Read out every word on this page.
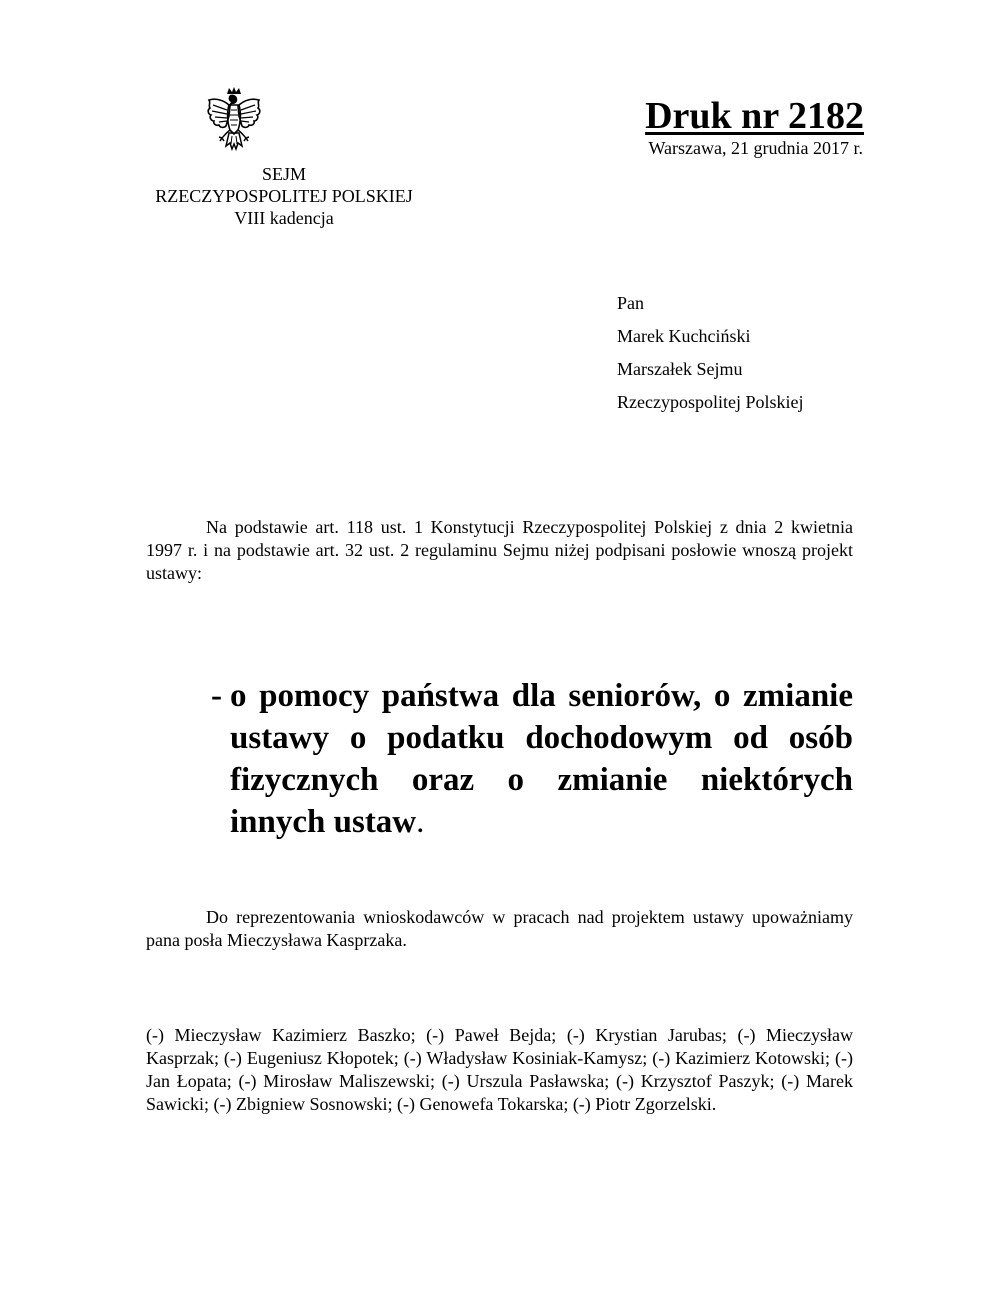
Druk nr 2182
Warszawa, 21 grudnia 2017 r.
SEJM
RZECZYPOSPOLITEJ POLSKIEJ
VIII kadencja
Pan
Marek Kuchciński
Marszałek Sejmu
Rzeczypospolitej Polskiej
Na podstawie art. 118 ust. 1 Konstytucji Rzeczypospolitej Polskiej z dnia 2 kwietnia 1997 r. i na podstawie art. 32 ust. 2 regulaminu Sejmu niżej podpisani posłowie wnoszą projekt ustawy:
- o pomocy państwa dla seniorów, o zmianie ustawy o podatku dochodowym od osób fizycznych oraz o zmianie niektórych innych ustaw.
Do reprezentowania wnioskodawców w pracach nad projektem ustawy upoważniamy pana posła Mieczysława Kasprzaka.
(-) Mieczysław Kazimierz Baszko; (-) Paweł Bejda; (-) Krystian Jarubas; (-) Mieczysław Kasprzak; (-) Eugeniusz Kłopotek; (-) Władysław Kosiniak-Kamysz; (-) Kazimierz Kotowski; (-) Jan Łopata; (-) Mirosław Maliszewski; (-) Urszula Pasławska; (-) Krzysztof Paszyk; (-) Marek Sawicki; (-) Zbigniew Sosnowski; (-) Genowefa Tokarska; (-) Piotr Zgorzelski.
